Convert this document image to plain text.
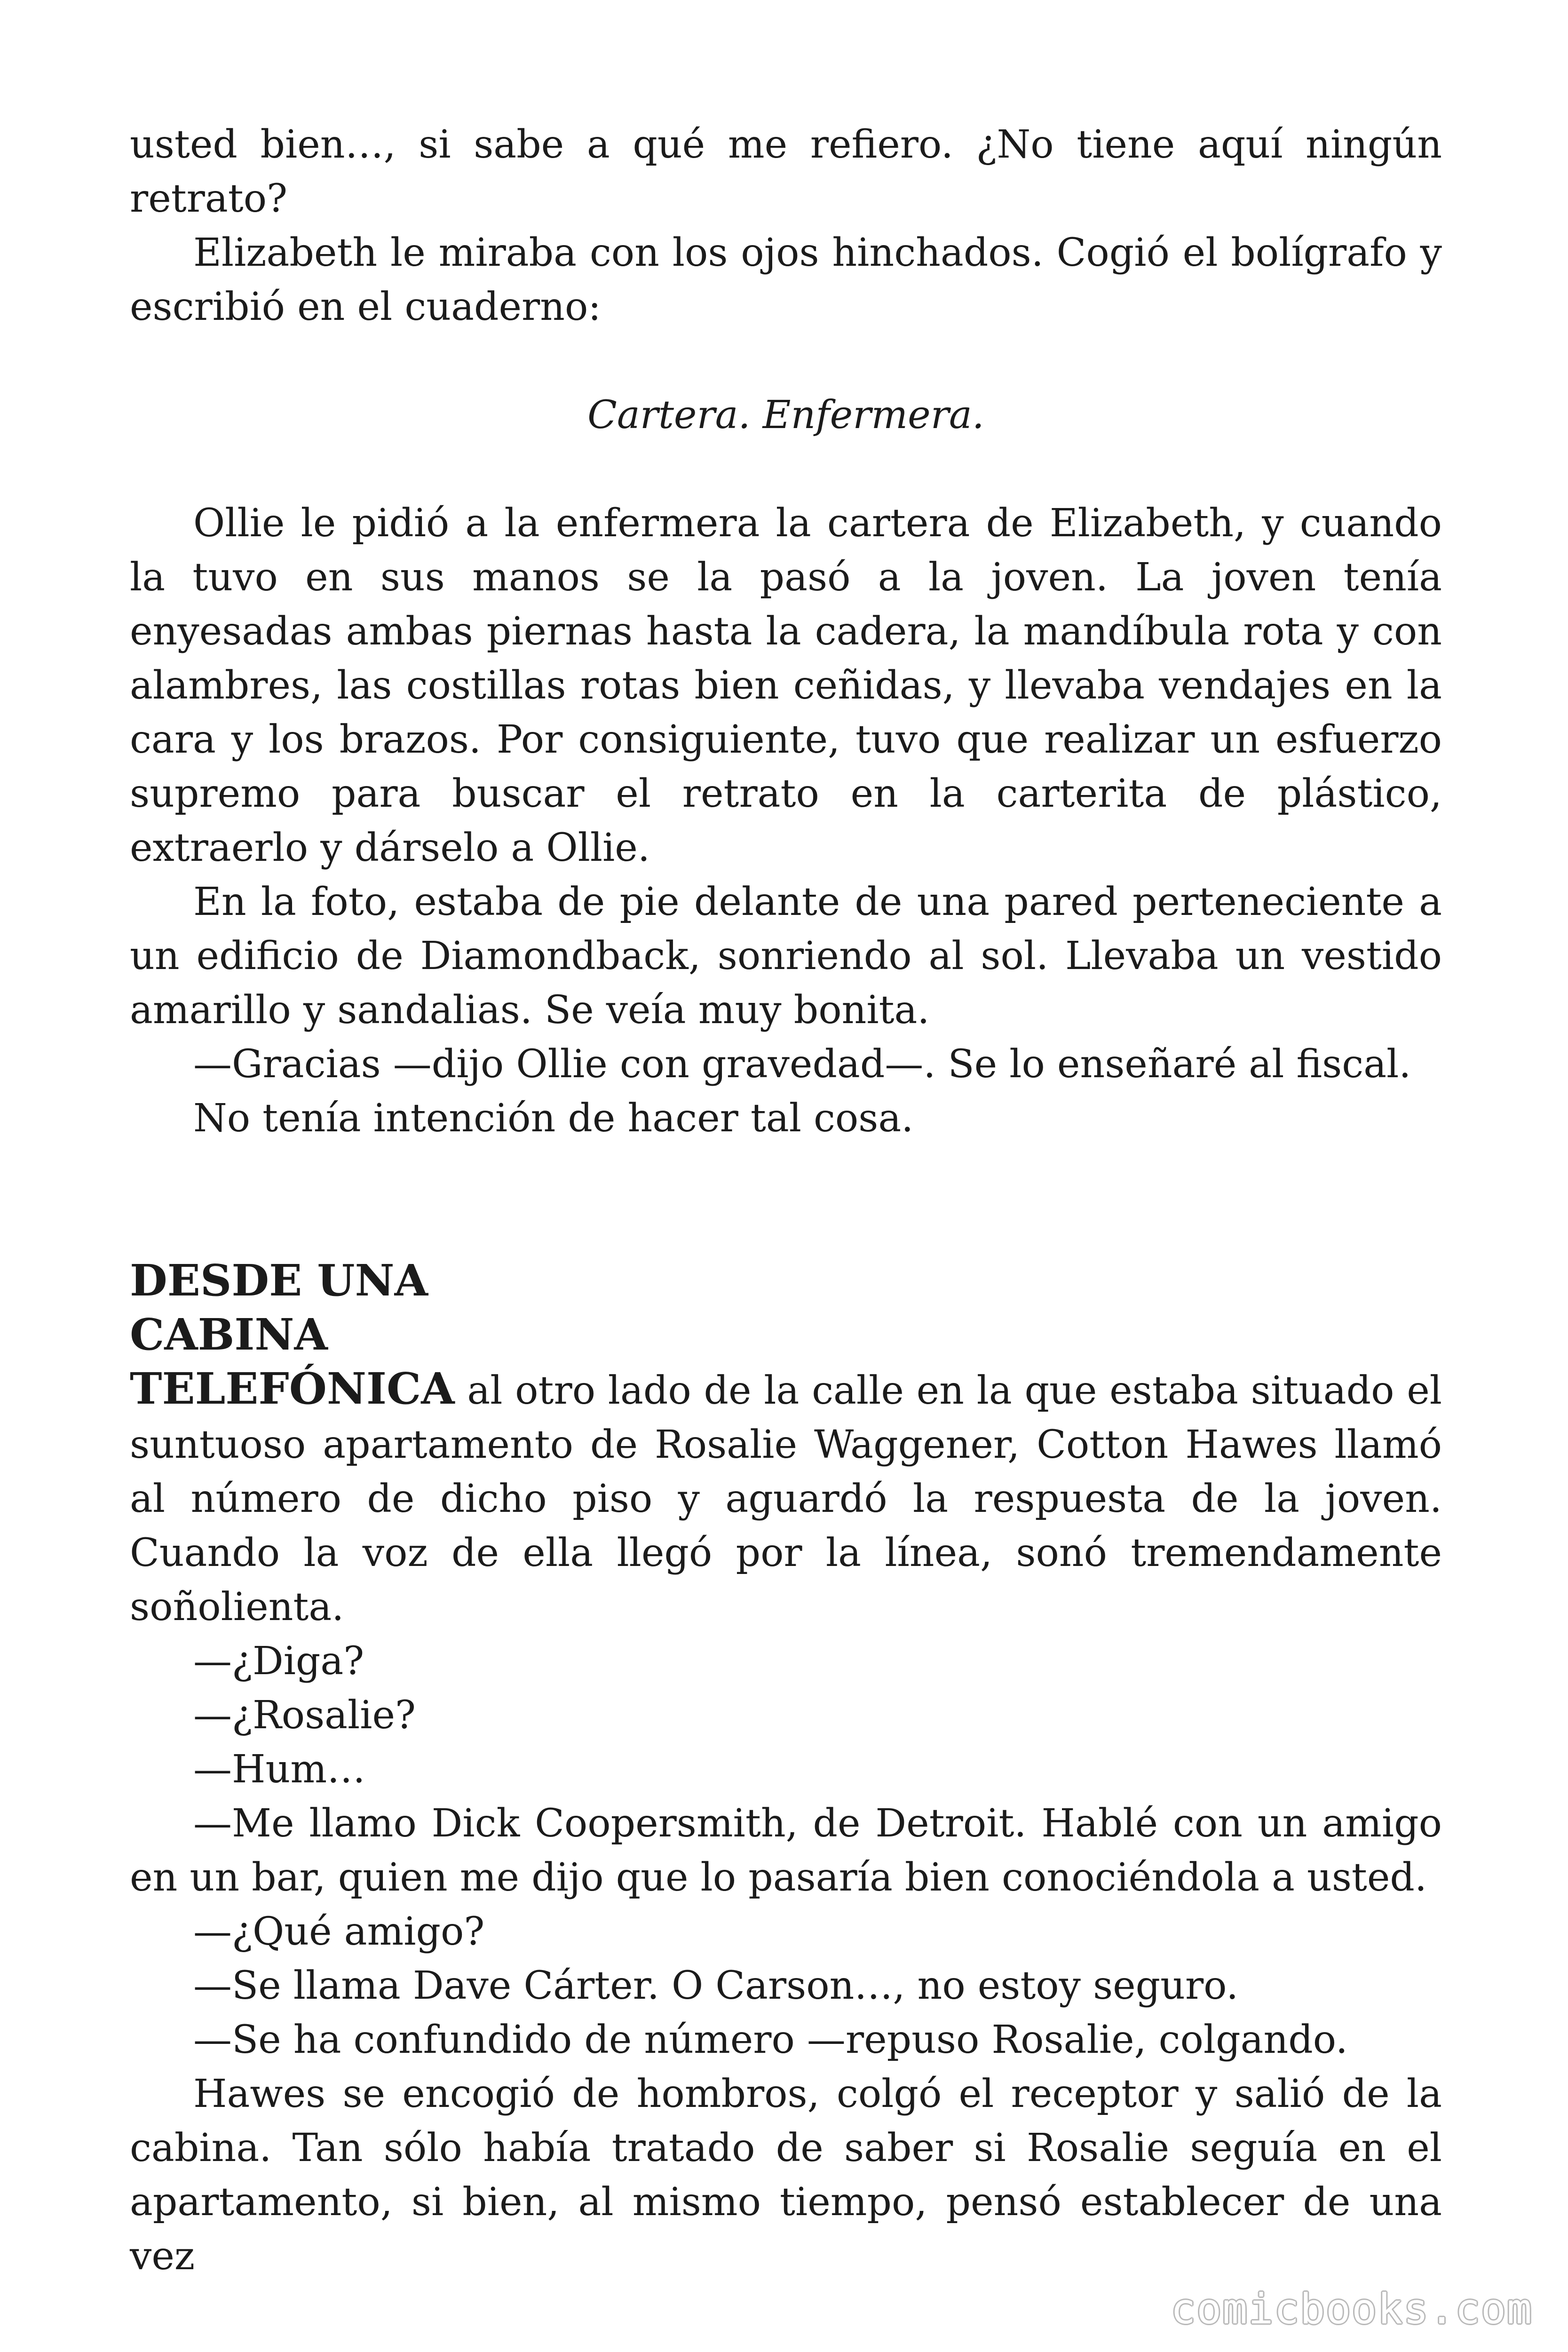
usted bien…, si sabe a qué me refiero. ¿No tiene aquí ningún retrato?

Elizabeth le miraba con los ojos hinchados. Cogió el bolígrafo y escribió en el cuaderno:

Cartera. Enfermera.

Ollie le pidió a la enfermera la cartera de Elizabeth, y cuando la tuvo en sus manos se la pasó a la joven. La joven tenía enyesadas ambas piernas hasta la cadera, la mandíbula rota y con alambres, las costillas rotas bien ceñidas, y llevaba vendajes en la cara y los brazos. Por consiguiente, tuvo que realizar un esfuerzo supremo para buscar el retrato en la carterita de plástico, extraerlo y dárselo a Ollie.

En la foto, estaba de pie delante de una pared perteneciente a un edificio de Diamondback, sonriendo al sol. Llevaba un vestido amarillo y sandalias. Se veía muy bonita.

—Gracias —dijo Ollie con gravedad—. Se lo enseñaré al fiscal.

No tenía intención de hacer tal cosa.

DESDE UNA
CABINA

TELEFÓNICA al otro lado de la calle en la que estaba situado el suntuoso apartamento de Rosalie Waggener, Cotton Hawes llamó al número de dicho piso y aguardó la respuesta de la joven. Cuando la voz de ella llegó por la línea, sonó tremendamente soñolienta.

—¿Diga?

—¿Rosalie?

—Hum…

—Me llamo Dick Coopersmith, de Detroit. Hablé con un amigo en un bar, quien me dijo que lo pasaría bien conociéndola a usted.

—¿Qué amigo?

—Se llama Dave Cárter. O Carson…, no estoy seguro.

—Se ha confundido de número —repuso Rosalie, colgando.

Hawes se encogió de hombros, colgó el receptor y salió de la cabina. Tan sólo había tratado de saber si Rosalie seguía en el apartamento, si bien, al mismo tiempo, pensó establecer de una vez

comicbooks.com
